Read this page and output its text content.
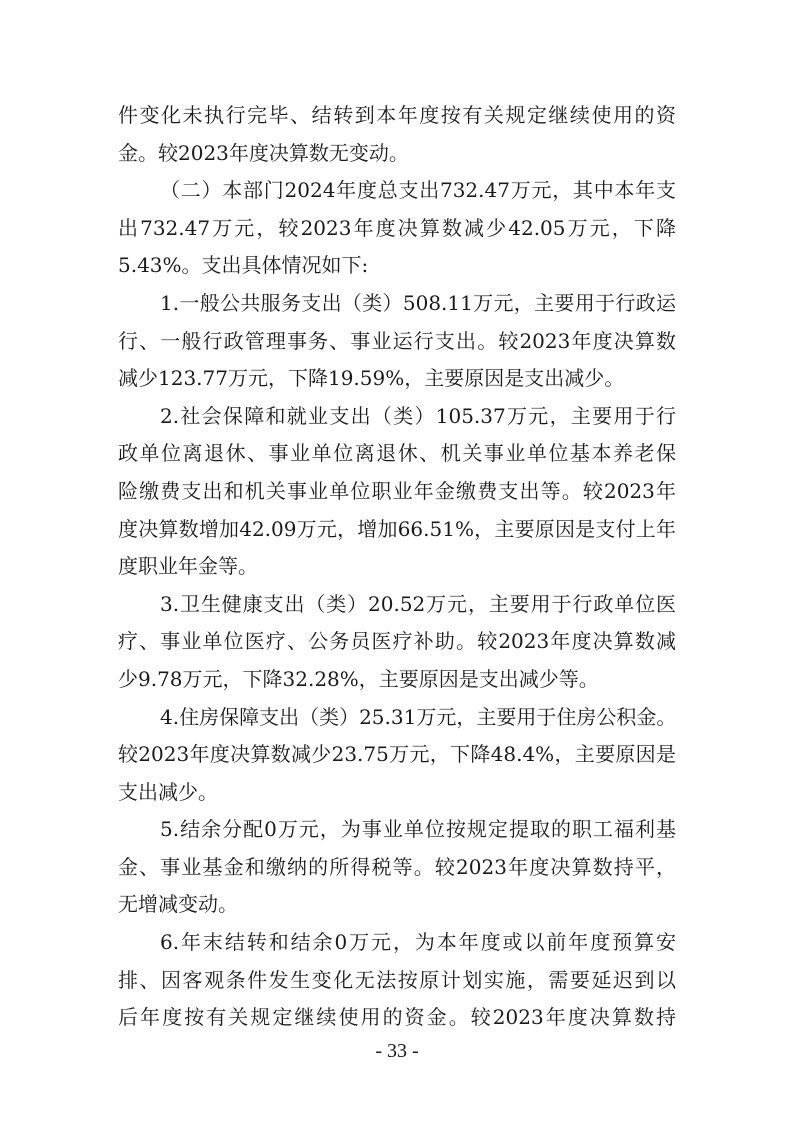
件变化未执行完毕、结转到本年度按有关规定继续使用的资
金。较2023年度决算数无变动。
（二）本部门2024年度总支出732.47万元，其中本年支
出732.47万元，较2023年度决算数减少42.05万元，下降
5.43%。支出具体情况如下:
1.一般公共服务支出（类）508.11万元，主要用于行政运
行、一般行政管理事务、事业运行支出。较2023年度决算数
减少123.77万元，下降19.59%，主要原因是支出减少。
2.社会保障和就业支出（类）105.37万元，主要用于行
政单位离退休、事业单位离退休、机关事业单位基本养老保
险缴费支出和机关事业单位职业年金缴费支出等。较2023年
度决算数增加42.09万元，增加66.51%，主要原因是支付上年
度职业年金等。
3.卫生健康支出（类）20.52万元，主要用于行政单位医
疗、事业单位医疗、公务员医疗补助。较2023年度决算数减
少9.78万元，下降32.28%，主要原因是支出减少等。
4.住房保障支出（类）25.31万元，主要用于住房公积金。
较2023年度决算数减少23.75万元，下降48.4%，主要原因是
支出减少。
5.结余分配0万元，为事业单位按规定提取的职工福利基
金、事业基金和缴纳的所得税等。较2023年度决算数持平，
无增减变动。
6.年末结转和结余0万元，为本年度或以前年度预算安
排、因客观条件发生变化无法按原计划实施，需要延迟到以
后年度按有关规定继续使用的资金。较2023年度决算数持
- 33 -
